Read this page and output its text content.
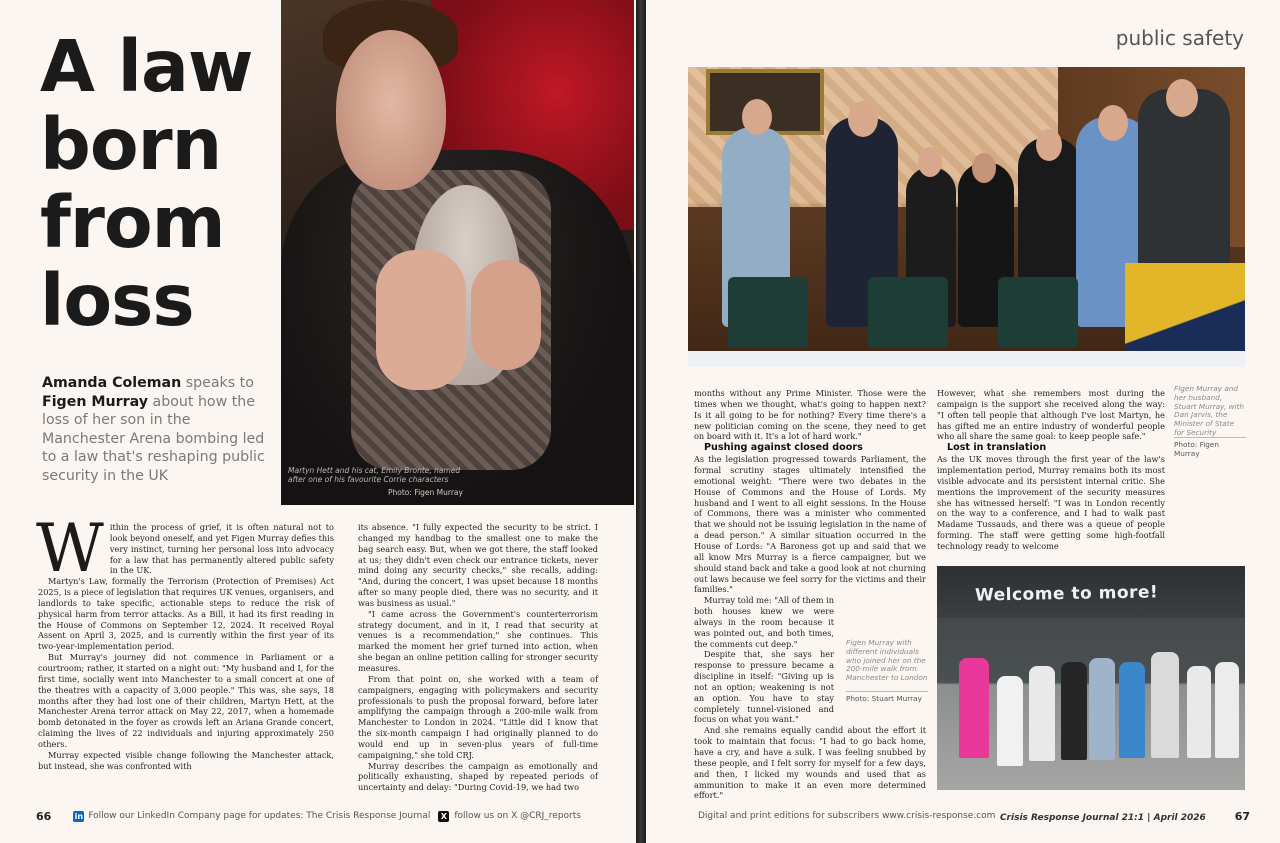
A law born from loss

Amanda Coleman speaks to Figen Murray about how the loss of her son in the Manchester Arena bombing led to a law that's reshaping public security in the UK	Martyn Hett and his cat, Emily Bronte, named after one of his favourite Corrie characters

Photo: Figen Murray

W ithin the process of grief, it is often natural not to look beyond oneself, and yet Figen Murray defies this very instinct, turning her personal loss into advocacy for a law that has permanently altered public safety in the UK.

Martyn's Law, formally the Terrorism (Protection of Premises) Act 2025, is a piece of legislation that requires UK venues, organisers, and landlords to take specific, actionable steps to reduce the risk of physical harm from terror attacks. As a Bill, it had its first reading in the House of Commons on September 12, 2024. It received Royal Assent on April 3, 2025, and is currently within the first year of its two-year-implementation period.

But Murray's journey did not commence in Parliament or a courtroom; rather, it started on a night out: "My husband and I, for the first time, socially went into Manchester to a small concert at one of the theatres with a capacity of 3,000 people." This was, she says, 18 months after they had lost one of their children, Martyn Hett, at the Manchester Arena terror attack on May 22, 2017, when a homemade bomb detonated in the foyer as crowds left an Ariana Grande concert, claiming the lives of 22 individuals and injuring approximately 250 others.

Murray expected visible change following the Manchester attack, but instead, she was confronted with

its absence. "I fully expected the security to be strict. I changed my handbag to the smallest one to make the bag search easy. But, when we got there, the staff looked at us; they didn't even check our entrance tickets, never mind doing any security checks," she recalls, adding: "And, during the concert, I was upset because 18 months after so many people died, there was no security, and it was business as usual."

"I came across the Government's counterterrorism strategy document, and in it, I read that security at venues is a recommendation," she continues. This marked the moment her grief turned into action, when she began an online petition calling for stronger security measures.

From that point on, she worked with a team of campaigners, engaging with policymakers and security professionals to push the proposal forward, before later amplifying the campaign through a 200-mile walk from Manchester to London in 2024. "Little did I know that the six-month campaign I had originally planned to do would end up in seven-plus years of full-time campaigning," she told CRJ.

Murray describes the campaign as emotionally and politically exhausting, shaped by repeated periods of uncertainty and delay: "During Covid-19, we had two

66	in Follow our LinkedIn Company page for updates: The Crisis Response Journal	X follow us on X @CRJ_reports

public safety

Figen Murray and her husband, Stuart Murray, with Dan Jarvis, the Minister of State for Security

Photo: Figen Murray

months without any Prime Minister. Those were the times when we thought, what's going to happen next? Is it all going to be for nothing? Every time there's a new politician coming on the scene, they need to get on board with it. It's a lot of hard work."

Pushing against closed doors

As the legislation progressed towards Parliament, the formal scrutiny stages ultimately intensified the emotional weight: "There were two debates in the House of Commons and the House of Lords. My husband and I went to all eight sessions. In the House of Commons, there was a minister who commented that we should not be issuing legislation in the name of a dead person." A similar situation occurred in the House of Lords: "A Baroness got up and said that we all know Mrs Murray is a fierce campaigner, but we should stand back and take a good look at not churning out laws because we feel sorry for the victims and their families."

Murray told me: "All of them in both houses knew we were always in the room because it was pointed out, and both times, the comments cut deep."

Despite that, she says her response to pressure became a discipline in itself: "Giving up is not an option; weakening is not an option. You have to stay completely tunnel-visioned and focus on what you want."

And she remains equally candid about the effort it took to maintain that focus: "I had to go back home, have a cry, and have a sulk. I was feeling snubbed by these people, and I felt sorry for myself for a few days, and then, I licked my wounds and used that as ammunition to make it an even more determined effort."

Figen Murray with different individuals who joined her on the 200-mile walk from Manchester to London

Photo: Stuart Murray

However, what she remembers most during the campaign is the support she received along the way: "I often tell people that although I've lost Martyn, he has gifted me an entire industry of wonderful people who all share the same goal: to keep people safe."

Lost in translation

As the UK moves through the first year of the law's implementation period, Murray remains both its most visible advocate and its persistent internal critic. She mentions the improvement of the security measures she has witnessed herself: "I was in London recently on the way to a conference, and I had to walk past Madame Tussauds, and there was a queue of people forming. The staff were getting some high-footfall technology ready to welcome

Welcome to more!

Digital and print editions for subscribers www.crisis-response.com Crisis Response Journal 21:1 | April 2026	67
